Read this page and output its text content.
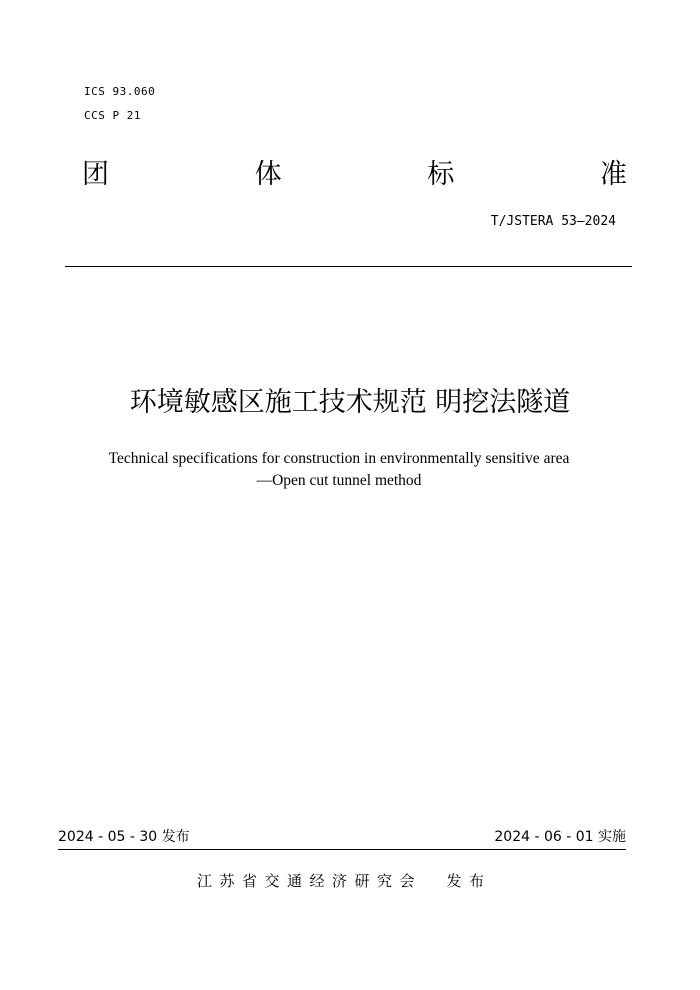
ICS 93.060
CCS P 21
团	体	标	准
T/JSTERA 53—2024
环境敏感区施工技术规范 明挖法隧道
Technical specifications for construction in environmentally sensitive area
—Open cut tunnel method
2024 - 05 - 30 发布	2024 - 06 - 01 实施
江苏省交通经济研究会  发布
